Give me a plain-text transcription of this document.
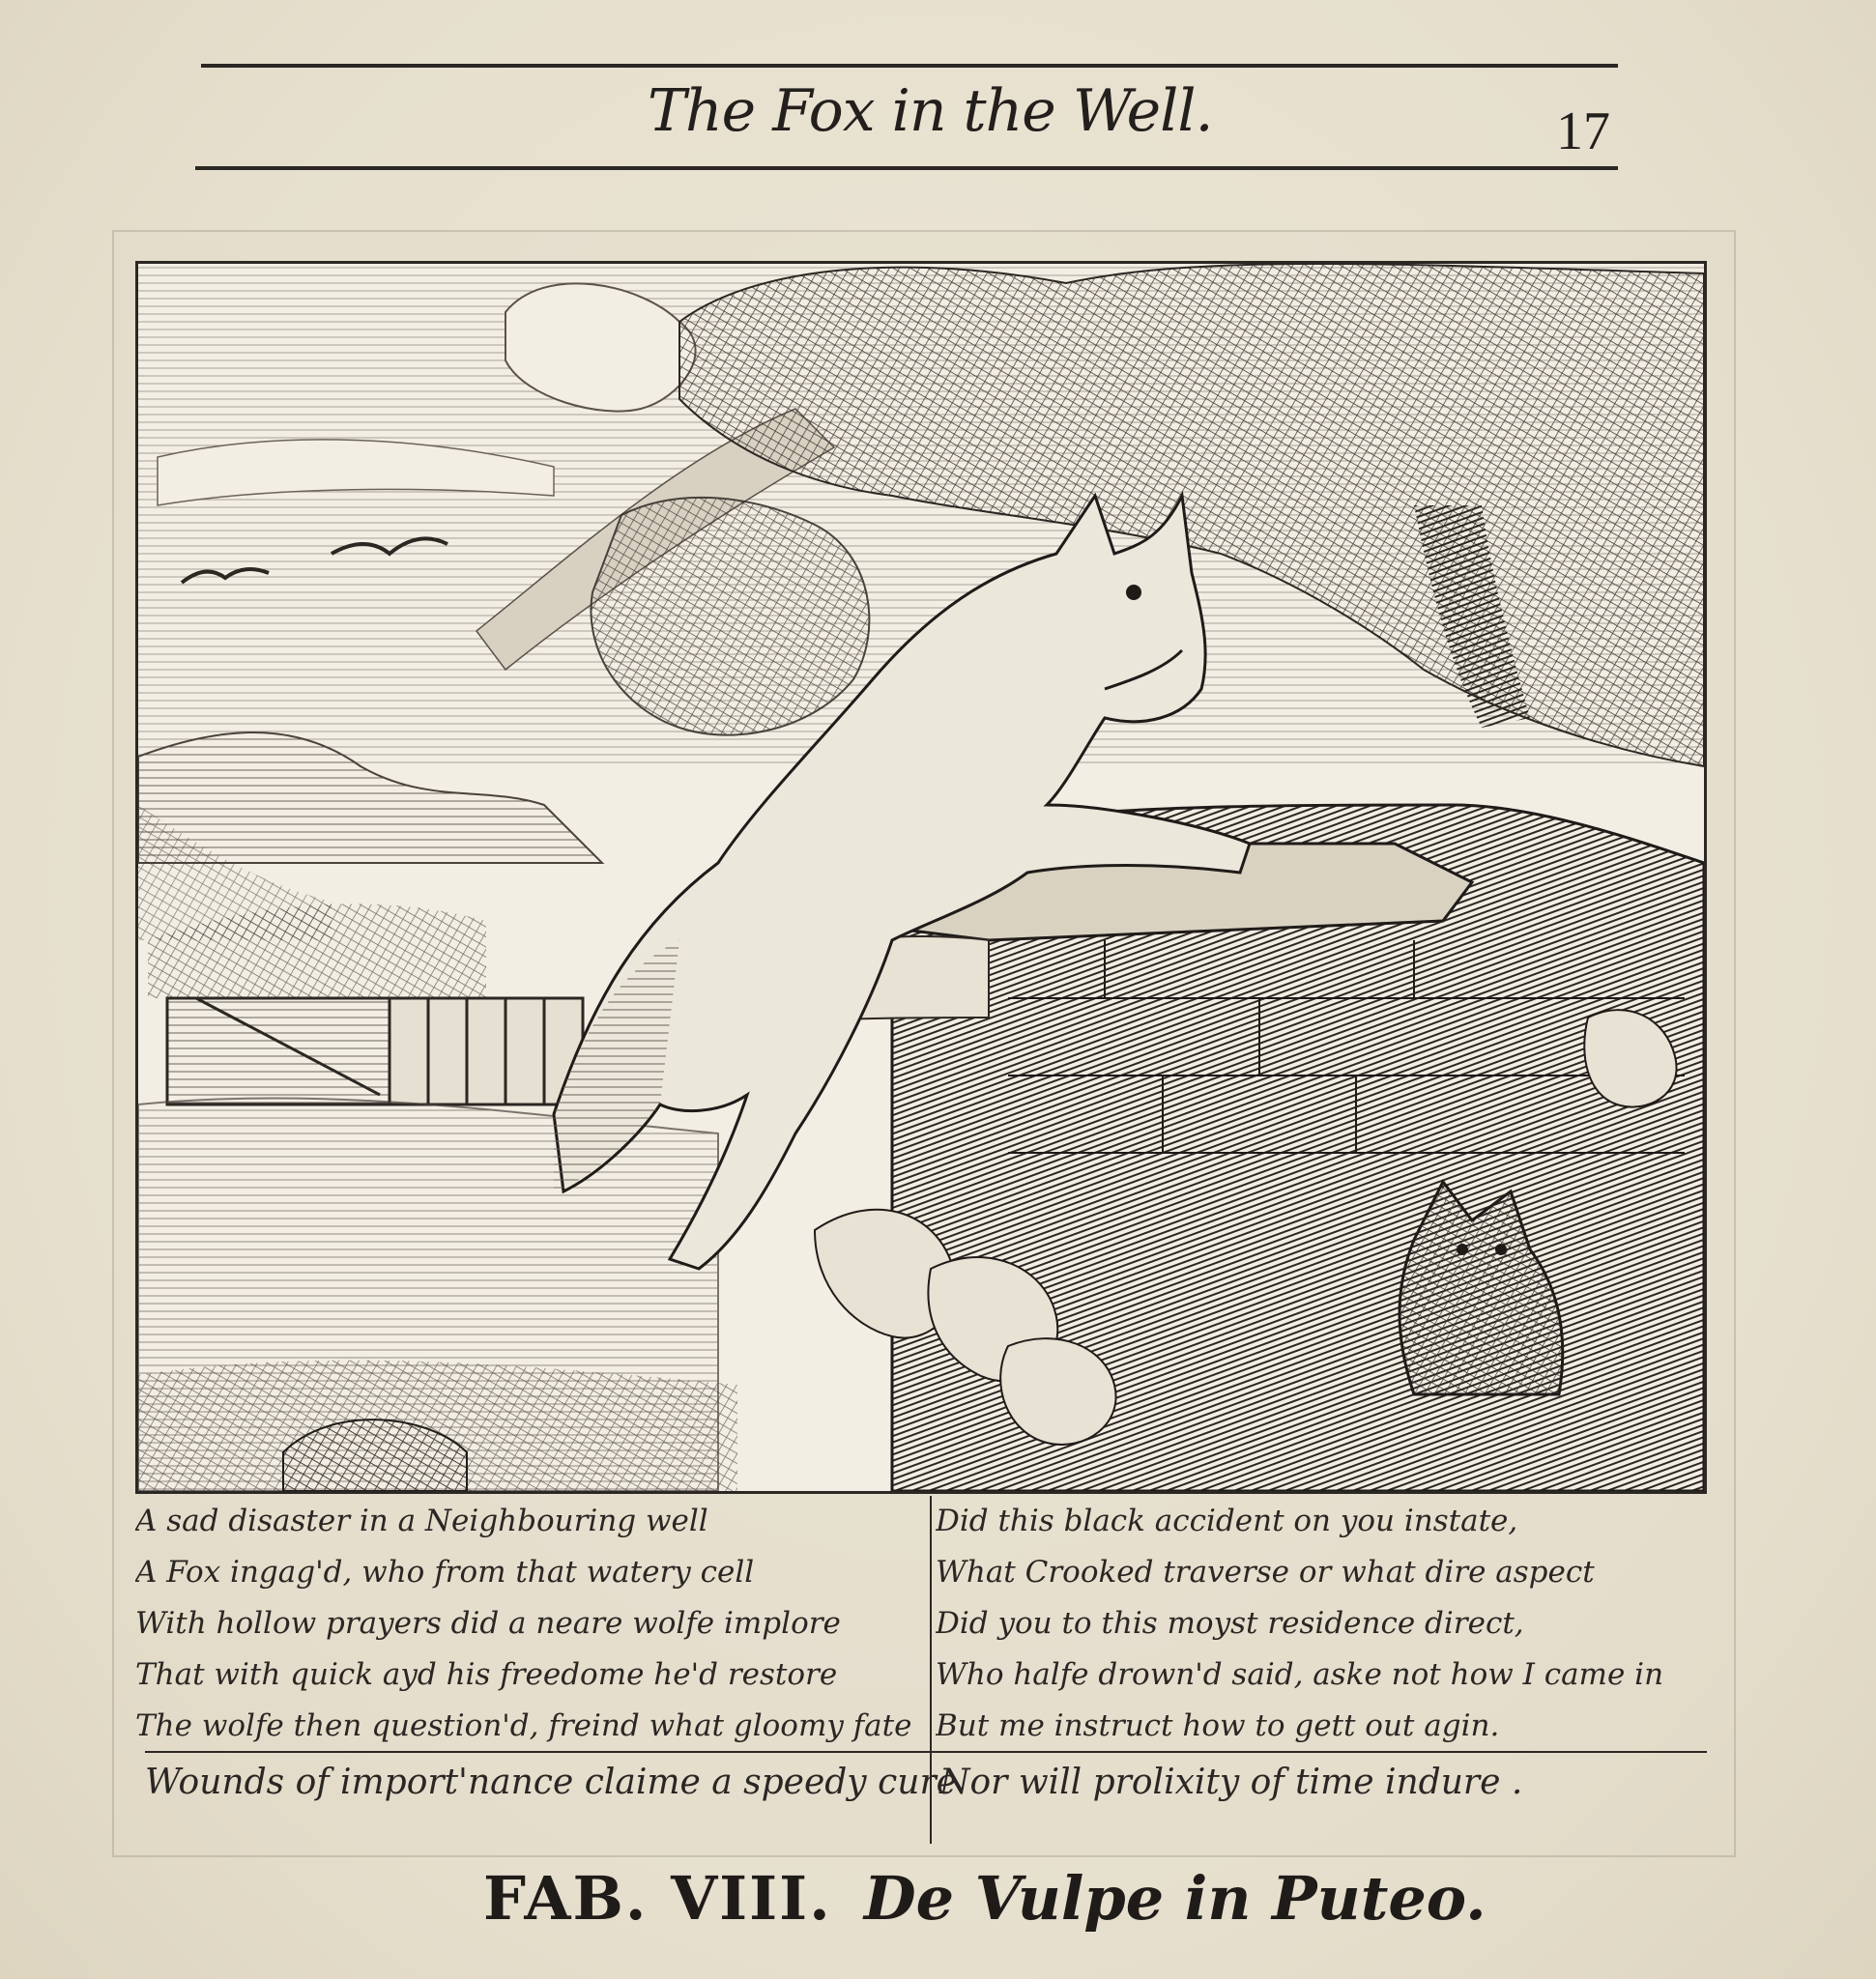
The Fox in the Well.	17
A sad disaster in a Neighbouring well
A Fox ingag'd, who from that watery cell
With hollow prayers did a neare wolfe implore
That with quick ayd his freedome he'd restore
The wolfe then question'd, freind what gloomy fate
Did this black accident on you instate,
What Crooked traverse or what dire aspect
Did you to this moyst residence direct,
Who halfe drown'd said, aske not how I came in
But me instruct how to gett out agin.
Wounds of import'nance claime a speedy cure
Nor will prolixity of time indure .
FAB. VIII. De Vulpe in Puteo.
